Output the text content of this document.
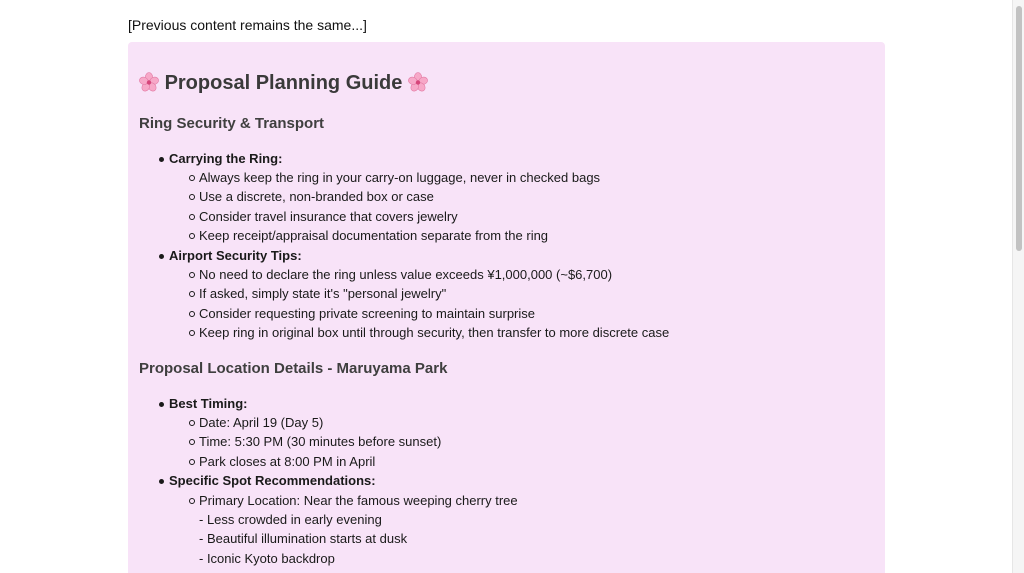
[Previous content remains the same...]
Proposal Planning Guide
Ring Security & Transport
Carrying the Ring:
Always keep the ring in your carry-on luggage, never in checked bags
Use a discrete, non-branded box or case
Consider travel insurance that covers jewelry
Keep receipt/appraisal documentation separate from the ring
Airport Security Tips:
No need to declare the ring unless value exceeds ¥1,000,000 (~$6,700)
If asked, simply state it's "personal jewelry"
Consider requesting private screening to maintain surprise
Keep ring in original box until through security, then transfer to more discrete case
Proposal Location Details - Maruyama Park
Best Timing:
Date: April 19 (Day 5)
Time: 5:30 PM (30 minutes before sunset)
Park closes at 8:00 PM in April
Specific Spot Recommendations:
Primary Location: Near the famous weeping cherry tree
- Less crowded in early evening
- Beautiful illumination starts at dusk
- Iconic Kyoto backdrop
